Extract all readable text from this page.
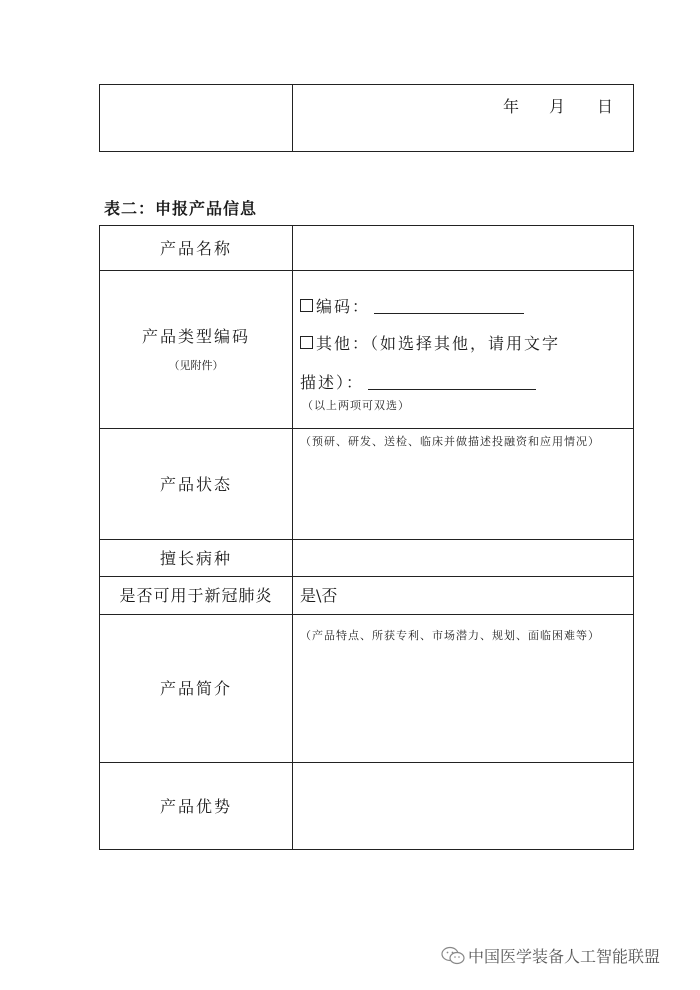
年 月 日
表二：申报产品信息
产品名称
产品类型编码
（见附件）
编码：
其他：（如选择其他，请用文字
描述）：
（以上两项可双选）
产品状态
（预研、研发、送检、临床并做描述投融资和应用情况）
擅长病种
是否可用于新冠肺炎 是\否
产品简介
（产品特点、所获专利、市场潜力、规划、面临困难等）
产品优势
中国医学装备人工智能联盟
